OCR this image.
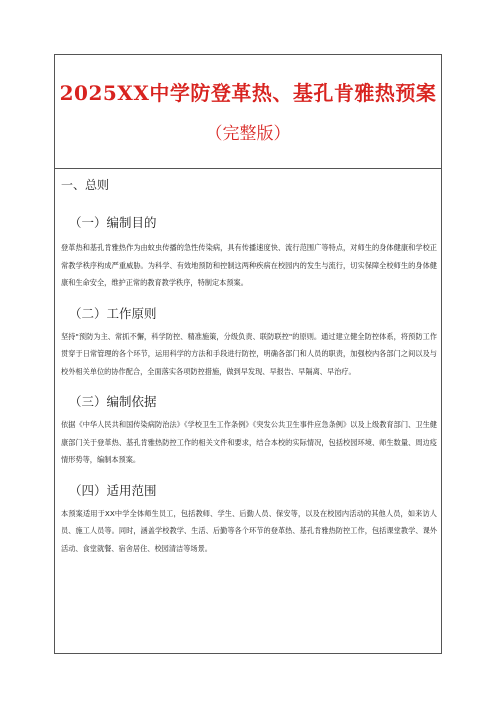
2025XX中学防登革热、基孔肯雅热预案
（完整版）
一、总则
（一）编制目的

登革热和基孔肯雅热作为由蚊虫传播的急性传染病，具有传播速度快、流行范围广等特点，对师生的身体健康和学校正常教学秩序构成严重威胁。为科学、有效地预防和控制这两种疾病在校园内的发生与流行，切实保障全校师生的身体健康和生命安全，维护正常的教育教学秩序，特制定本预案。

（二）工作原则

坚持"预防为主、常抓不懈，科学防控、精准施策，分级负责、联防联控"的原则。通过建立健全防控体系，将预防工作贯穿于日常管理的各个环节，运用科学的方法和手段进行防控，明确各部门和人员的职责，加强校内各部门之间以及与校外相关单位的协作配合，全面落实各项防控措施，做到早发现、早报告、早隔离、早治疗。

（三）编制依据

依据《中华人民共和国传染病防治法》《学校卫生工作条例》《突发公共卫生事件应急条例》以及上级教育部门、卫生健康部门关于登革热、基孔肯雅热防控工作的相关文件和要求，结合本校的实际情况，包括校园环境、师生数量、周边疫情形势等，编制本预案。

（四）适用范围

本预案适用于XX中学全体师生员工，包括教师、学生、后勤人员、保安等，以及在校园内活动的其他人员，如来访人员、施工人员等。同时，涵盖学校教学、生活、后勤等各个环节的登革热、基孔肯雅热防控工作，包括课堂教学、课外活动、食堂就餐、宿舍居住、校园清洁等场景。
